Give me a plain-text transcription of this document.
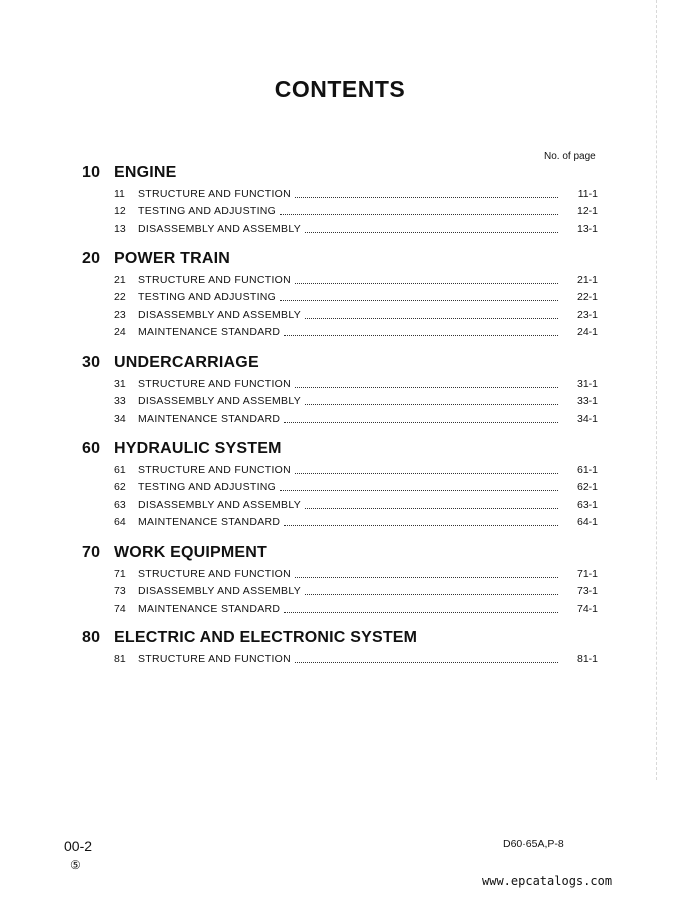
CONTENTS
No. of page
10 ENGINE
11	STRUCTURE AND FUNCTION	11-1
12	TESTING AND ADJUSTING	12-1
13	DISASSEMBLY AND ASSEMBLY	13-1
20 POWER TRAIN
21	STRUCTURE AND FUNCTION	21-1
22	TESTING AND ADJUSTING	22-1
23	DISASSEMBLY AND ASSEMBLY	23-1
24	MAINTENANCE STANDARD	24-1
30 UNDERCARRIAGE
31	STRUCTURE AND FUNCTION	31-1
33	DISASSEMBLY AND ASSEMBLY	33-1
34	MAINTENANCE STANDARD	34-1
60 HYDRAULIC SYSTEM
61	STRUCTURE AND FUNCTION	61-1
62	TESTING AND ADJUSTING	62-1
63	DISASSEMBLY AND ASSEMBLY	63-1
64	MAINTENANCE STANDARD	64-1
70 WORK EQUIPMENT
71	STRUCTURE AND FUNCTION	71-1
73	DISASSEMBLY AND ASSEMBLY	73-1
74	MAINTENANCE STANDARD	74-1
80 ELECTRIC AND ELECTRONIC SYSTEM
81	STRUCTURE AND FUNCTION	81-1
00-2
⑤
D60·65A,P-8
www.epcatalogs.com
